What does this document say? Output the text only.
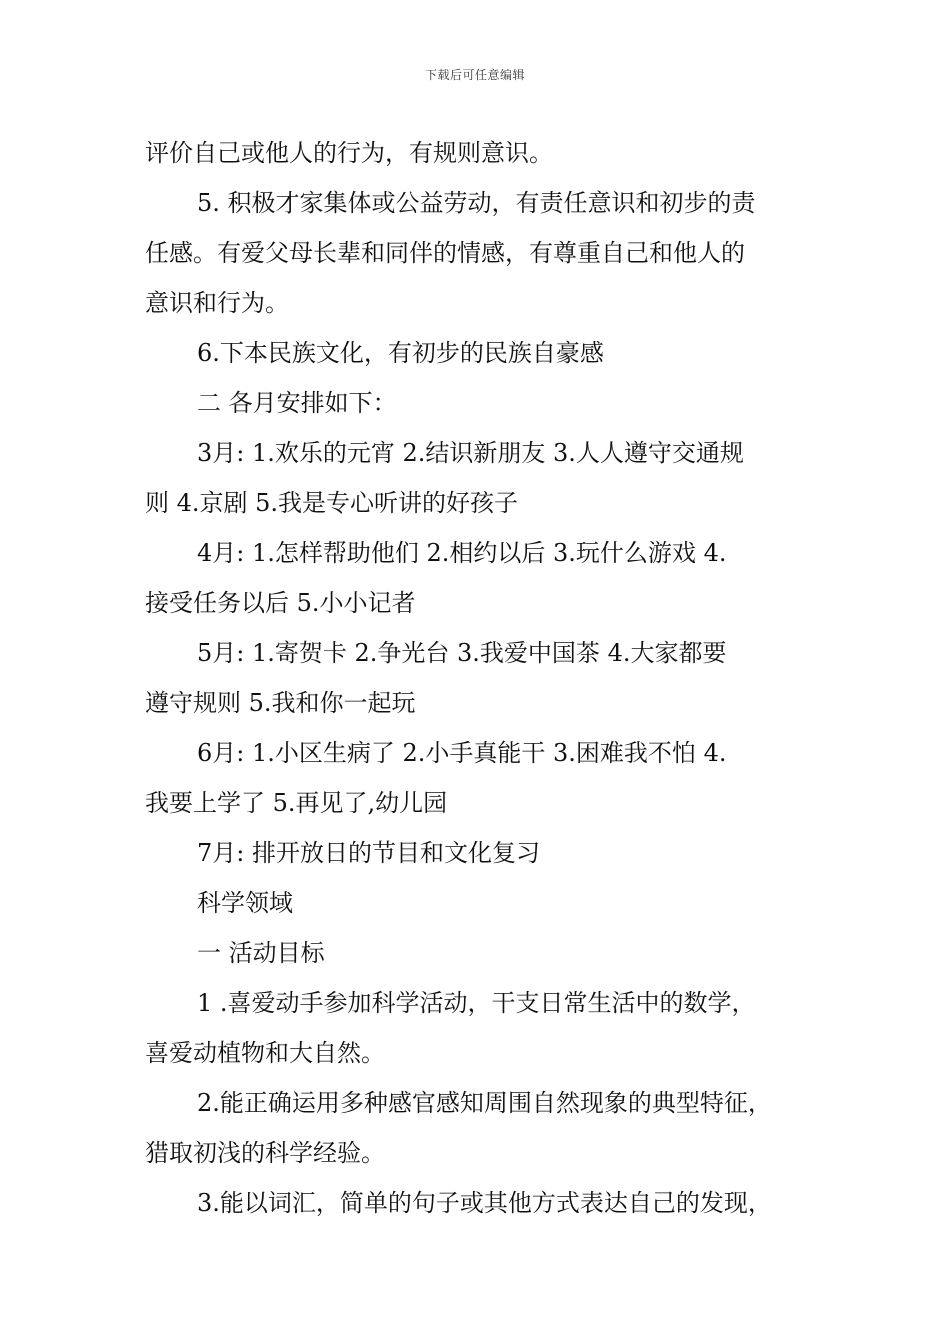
下载后可任意编辑
评价自己或他人的行为，有规则意识。
5. 积极才家集体或公益劳动，有责任意识和初步的责
任感。有爱父母长辈和同伴的情感，有尊重自己和他人的
意识和行为。
6.下本民族文化，有初步的民族自豪感
二 各月安排如下：
3月: 1.欢乐的元宵 2.结识新朋友 3.人人遵守交通规
则 4.京剧 5.我是专心听讲的好孩子
4月: 1.怎样帮助他们 2.相约以后 3.玩什么游戏 4.
接受任务以后 5.小小记者
5月: 1.寄贺卡 2.争光台 3.我爱中国茶 4.大家都要
遵守规则 5.我和你一起玩
6月: 1.小区生病了 2.小手真能干 3.困难我不怕 4.
我要上学了 5.再见了,幼儿园
7月: 排开放日的节目和文化复习
科学领域
一 活动目标
1 .喜爱动手参加科学活动，干支日常生活中的数学，
喜爱动植物和大自然。
2.能正确运用多种感官感知周围自然现象的典型特征，
猎取初浅的科学经验。
3.能以词汇，简单的句子或其他方式表达自己的发现，
